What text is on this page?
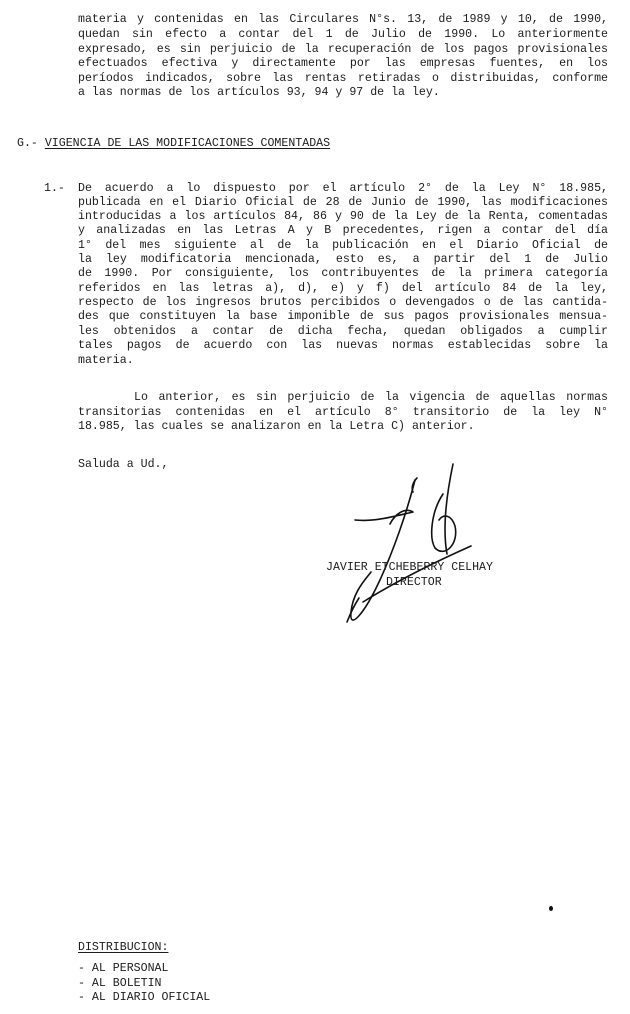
materia y contenidas en las Circulares N°s. 13, de 1989 y 10, de 1990,
quedan sin efecto a contar del 1 de Julio de 1990. Lo anteriormente
expresado, es sin perjuicio de la recuperación de los pagos provisionales
efectuados efectiva y directamente por las empresas fuentes, en los
períodos indicados, sobre las rentas retiradas o distribuidas, conforme
a las normas de los artículos 93, 94 y 97 de la ley.
G.- VIGENCIA DE LAS MODIFICACIONES COMENTADAS
1.- De acuerdo a lo dispuesto por el artículo 2° de la Ley N° 18.985,
publicada en el Diario Oficial de 28 de Junio de 1990, las modificaciones
introducidas a los artículos 84, 86 y 90 de la Ley de la Renta, comentadas
y analizadas en las Letras A y B precedentes, rigen a contar del día
1° del mes siguiente al de la publicación en el Diario Oficial de
la ley modificatoria mencionada, esto es, a partir del 1 de Julio
de 1990. Por consiguiente, los contribuyentes de la primera categoría
referidos en las letras a), d), e) y f) del artículo 84 de la ley,
respecto de los ingresos brutos percibidos o devengados o de las cantida-
des que constituyen la base imponible de sus pagos provisionales mensua-
les obtenidos a contar de dicha fecha, quedan obligados a cumplir
tales pagos de acuerdo con las nuevas normas establecidas sobre la
materia.
Lo anterior, es sin perjuicio de la vigencia de aquellas normas
transitorias contenidas en el artículo 8° transitorio de la ley N°
18.985, las cuales se analizaron en la Letra C) anterior.
Saluda a Ud.,
JAVIER ETCHEBERRY CELHAY
DIRECTOR
DISTRIBUCION:
- AL PERSONAL
- AL BOLETIN
- AL DIARIO OFICIAL
